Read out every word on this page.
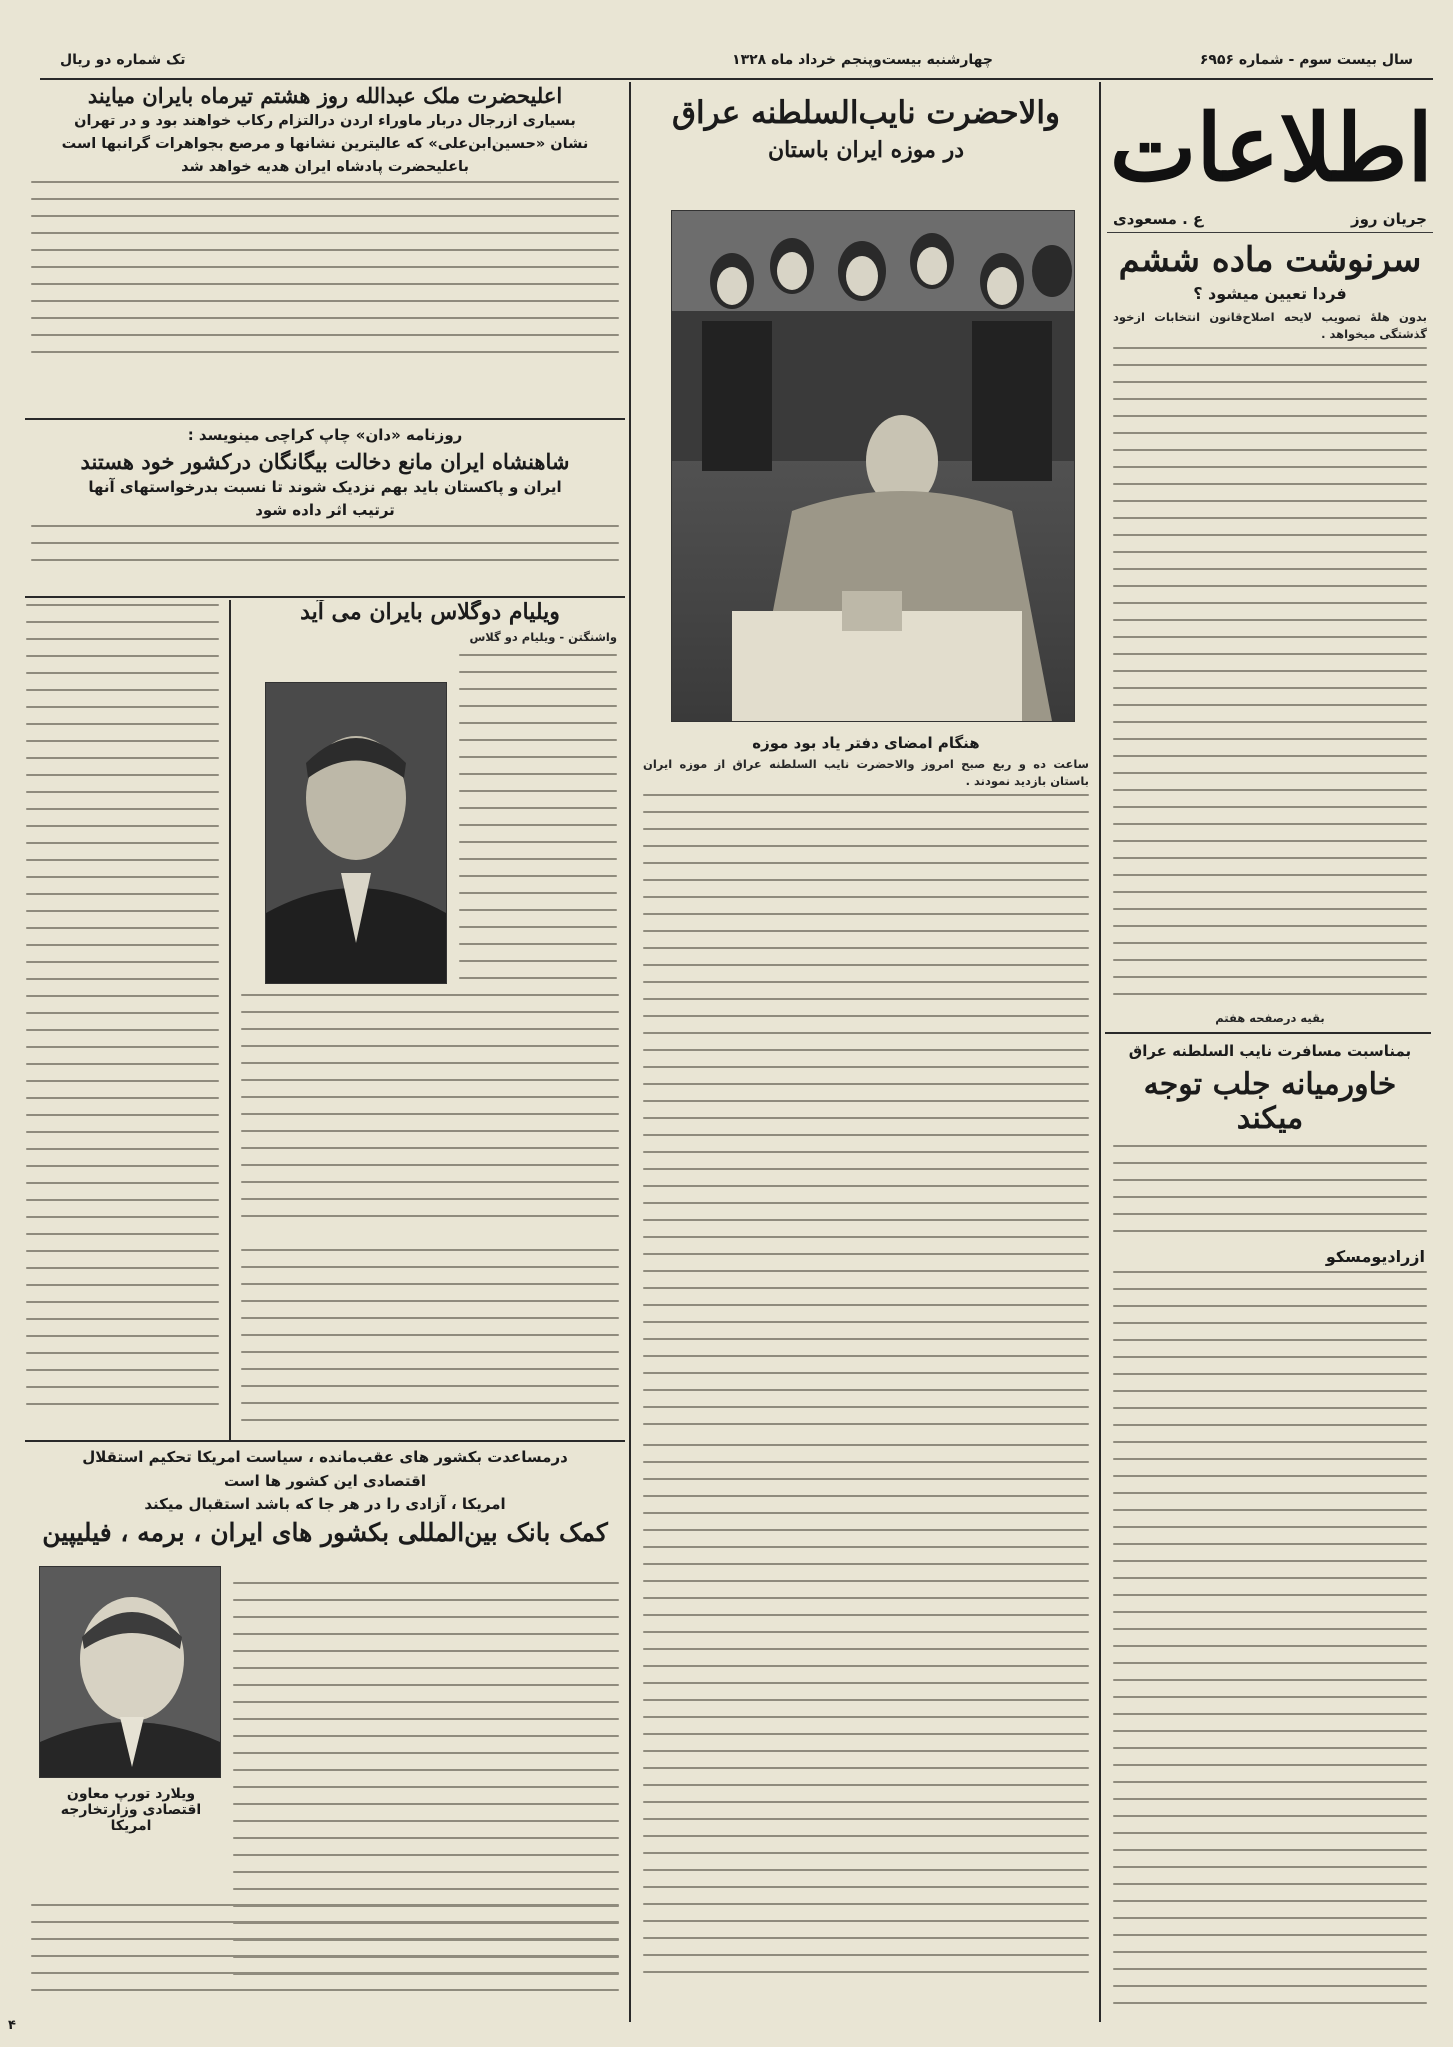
سال بیست سوم - شماره ۶۹۵۶
چهارشنبه بیست‌وپنجم خرداد ماه ۱۳۲۸
تک شماره دو ریال
اطلاعات
جریان روز
ع . مسعودی
سرنوشت ماده ششم

فردا تعیین میشود ؟

بدون هلهٔ تصویب لایحه اصلاح‌قانون انتخابات ازخود گذشتگی میخواهد .

بقیه درصفحه هفتم

بمناسبت مسافرت نایب السلطنه عراق

خاورمیانه جلب توجه میکند

ازرادیومسکو

والاحضرت نایب‌السلطنه عراق

در موزه ایران باستان

هنگام امضای دفتر یاد بود موزه

ساعت ده و ربع صبح امروز والاحضرت نایب السلطنه عراق از موزه ایران باستان بازدید نمودند .

اعلیحضرت ملک عبدالله روز هشتم تیرماه بایران میایند

بسیاری ازرجال دربار ماوراء اردن درالتزام رکاب خواهند بود و در تهران

نشان «حسین‌ابن‌علی» که عالیترین نشانها و مرصع بجواهرات گرانبها است

باعلیحضرت پادشاه ایران هدیه خواهد شد

روزنامه «دان» چاپ کراچی مینویسد :

شاهنشاه ایران مانع دخالت بیگانگان درکشور خود هستند

ایران و پاکستان باید بهم نزدیک شوند تا نسبت بدرخواستهای آنها

ترتیب اثر داده شود

ویلیام دوگلاس بایران می آید

واشنگتن - ویلیام دو گلاس

درمساعدت بکشور های عقب‌مانده ، سیاست امریکا تحکیم استقلال

اقتصادی این کشور ها است

امریکا ، آزادی را در هر جا که باشد استقبال میکند

کمک بانک بین‌المللی بکشور های ایران ، برمه ، فیلیپین

ویلارد تورپ معاون اقتصادی وزارتخارجه امریکا

۴
